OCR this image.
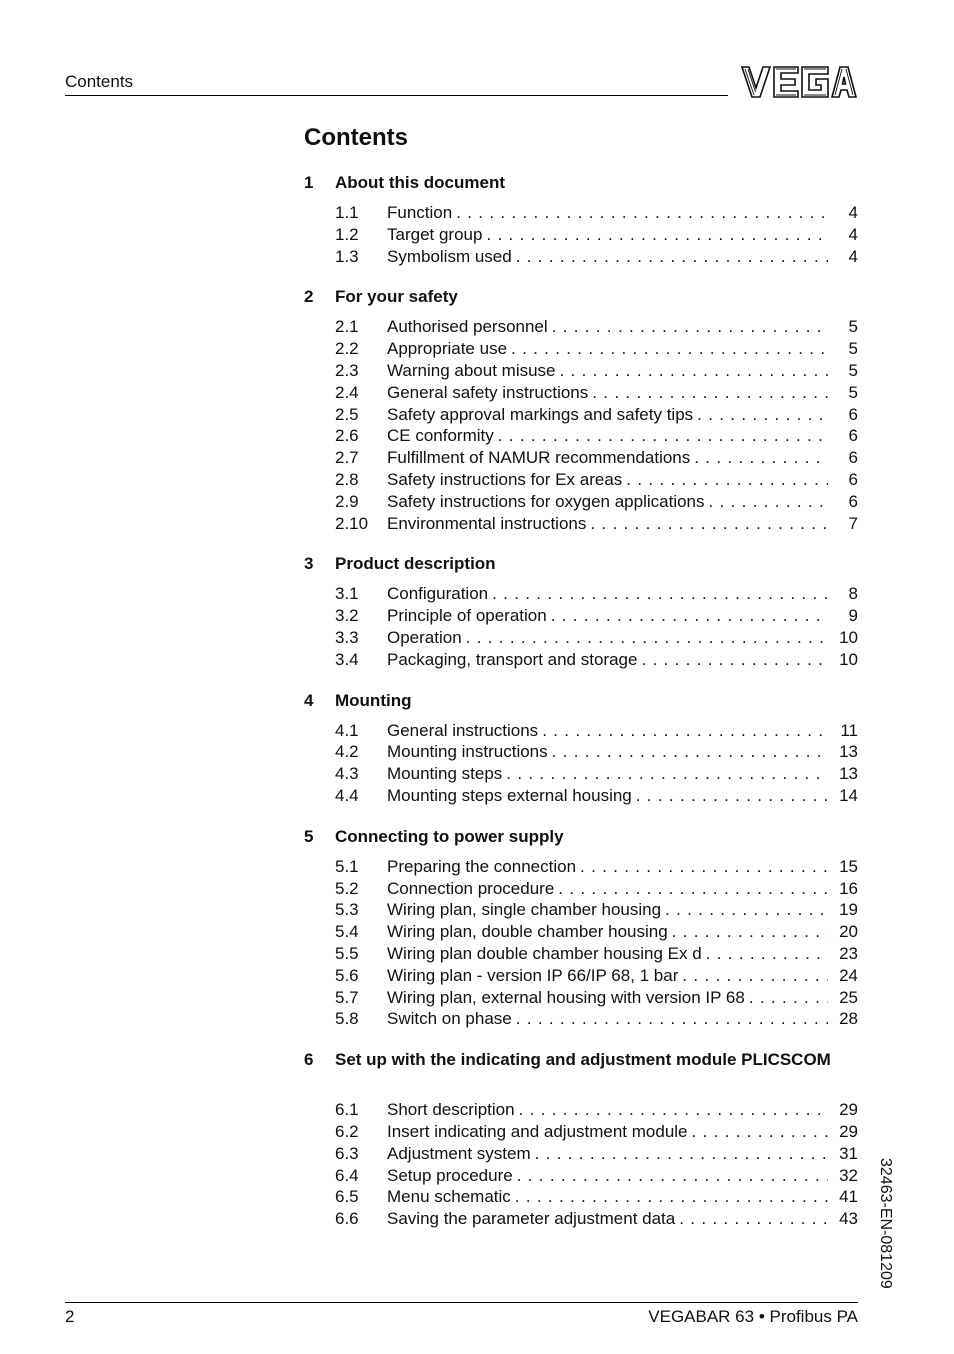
Contents
Contents
1	About this document
1.1	Function . . .	4
1.2	Target group . . .	4
1.3	Symbolism used . . .	4
2	For your safety
2.1	Authorised personnel . . .	5
2.2	Appropriate use . . .	5
2.3	Warning about misuse . . .	5
2.4	General safety instructions . . .	5
2.5	Safety approval markings and safety tips . . .	6
2.6	CE conformity . . .	6
2.7	Fulfillment of NAMUR recommendations . . .	6
2.8	Safety instructions for Ex areas . . .	6
2.9	Safety instructions for oxygen applications . . .	6
2.10	Environmental instructions . . .	7
3	Product description
3.1	Configuration . . .	8
3.2	Principle of operation . . .	9
3.3	Operation . . .	10
3.4	Packaging, transport and storage . . .	10
4	Mounting
4.1	General instructions . . .	11
4.2	Mounting instructions . . .	13
4.3	Mounting steps . . .	13
4.4	Mounting steps external housing . . .	14
5	Connecting to power supply
5.1	Preparing the connection . . .	15
5.2	Connection procedure . . .	16
5.3	Wiring plan, single chamber housing . . .	19
5.4	Wiring plan, double chamber housing . . .	20
5.5	Wiring plan double chamber housing Ex d . . .	23
5.6	Wiring plan - version IP 66/IP 68, 1 bar . . .	24
5.7	Wiring plan, external housing with version IP 68 . . .	25
5.8	Switch on phase . . .	28
6	Set up with the indicating and adjustment module PLICSCOM
6.1	Short description . . .	29
6.2	Insert indicating and adjustment module . . .	29
6.3	Adjustment system . . .	31
6.4	Setup procedure . . .	32
6.5	Menu schematic . . .	41
6.6	Saving the parameter adjustment data . . .	43
2	VEGABAR 63 • Profibus PA
32463-EN-081209
